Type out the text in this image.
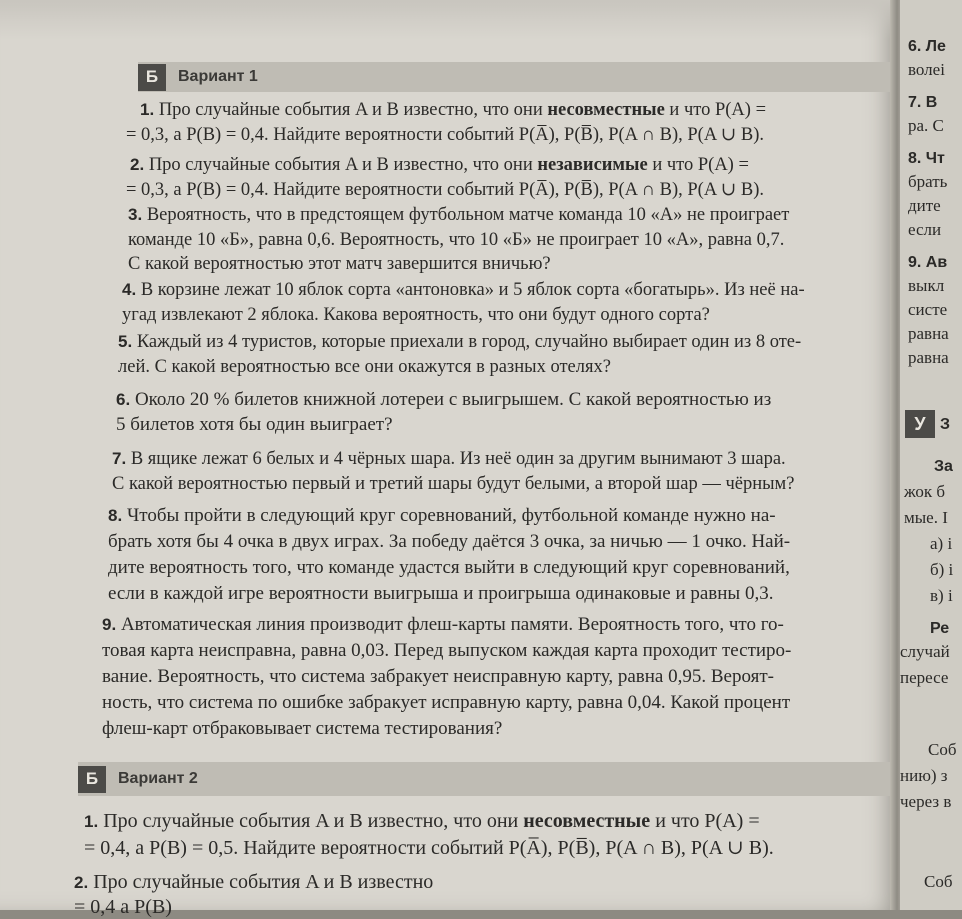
Б	Вариант 1
1. Про случайные события A и B известно, что они несовместные и что P(A) =
= 0,3, а P(B) = 0,4. Найдите вероятности событий P(A̅), P(B̅), P(A ∩ B), P(A ∪ B).
2. Про случайные события A и B известно, что они независимые и что P(A) =
= 0,3, а P(B) = 0,4. Найдите вероятности событий P(A̅), P(B̅), P(A ∩ B), P(A ∪ B).
3. Вероятность, что в предстоящем футбольном матче команда 10 «А» не проиграет
команде 10 «Б», равна 0,6. Вероятность, что 10 «Б» не проиграет 10 «А», равна 0,7.
С какой вероятностью этот матч завершится вничью?
4. В корзине лежат 10 яблок сорта «антоновка» и 5 яблок сорта «богатырь». Из неё на-
угад извлекают 2 яблока. Какова вероятность, что они будут одного сорта?
5. Каждый из 4 туристов, которые приехали в город, случайно выбирает один из 8 оте-
лей. С какой вероятностью все они окажутся в разных отелях?
6. Около 20 % билетов книжной лотереи с выигрышем. С какой вероятностью из
5 билетов хотя бы один выиграет?
7. В ящике лежат 6 белых и 4 чёрных шара. Из неё один за другим вынимают 3 шара.
С какой вероятностью первый и третий шары будут белыми, а второй шар — чёрным?
8. Чтобы пройти в следующий круг соревнований, футбольной команде нужно на-
брать хотя бы 4 очка в двух играх. За победу даётся 3 очка, за ничью — 1 очко. Най-
дите вероятность того, что команде удастся выйти в следующий круг соревнований,
если в каждой игре вероятности выигрыша и проигрыша одинаковые и равны 0,3.
9. Автоматическая линия производит флеш-карты памяти. Вероятность того, что го-
товая карта неисправна, равна 0,03. Перед выпуском каждая карта проходит тестиро-
вание. Вероятность, что система забракует неисправную карту, равна 0,95. Вероят-
ность, что система по ошибке забракует исправную карту, равна 0,04. Какой процент
флеш-карт отбраковывает система тестирования?
Б	Вариант 2
1. Про случайные события A и B известно, что они несовместные и что P(A) =
= 0,4, а P(B) = 0,5. Найдите вероятности событий P(A̅), P(B̅), P(A ∩ B), P(A ∪ B).
2. Про случайные события A и B известно
= 0,4 а P(B)
6. Ле
волеі
7. В
ра. С
8. Чт
брать
дите
если
9. Ав
выкл
систе
равна
равна
З
За
жок б
мые. I
а) і
б) і
в) і
Ре
случай
пересе
Соб
нию) з
через в
Соб
У
